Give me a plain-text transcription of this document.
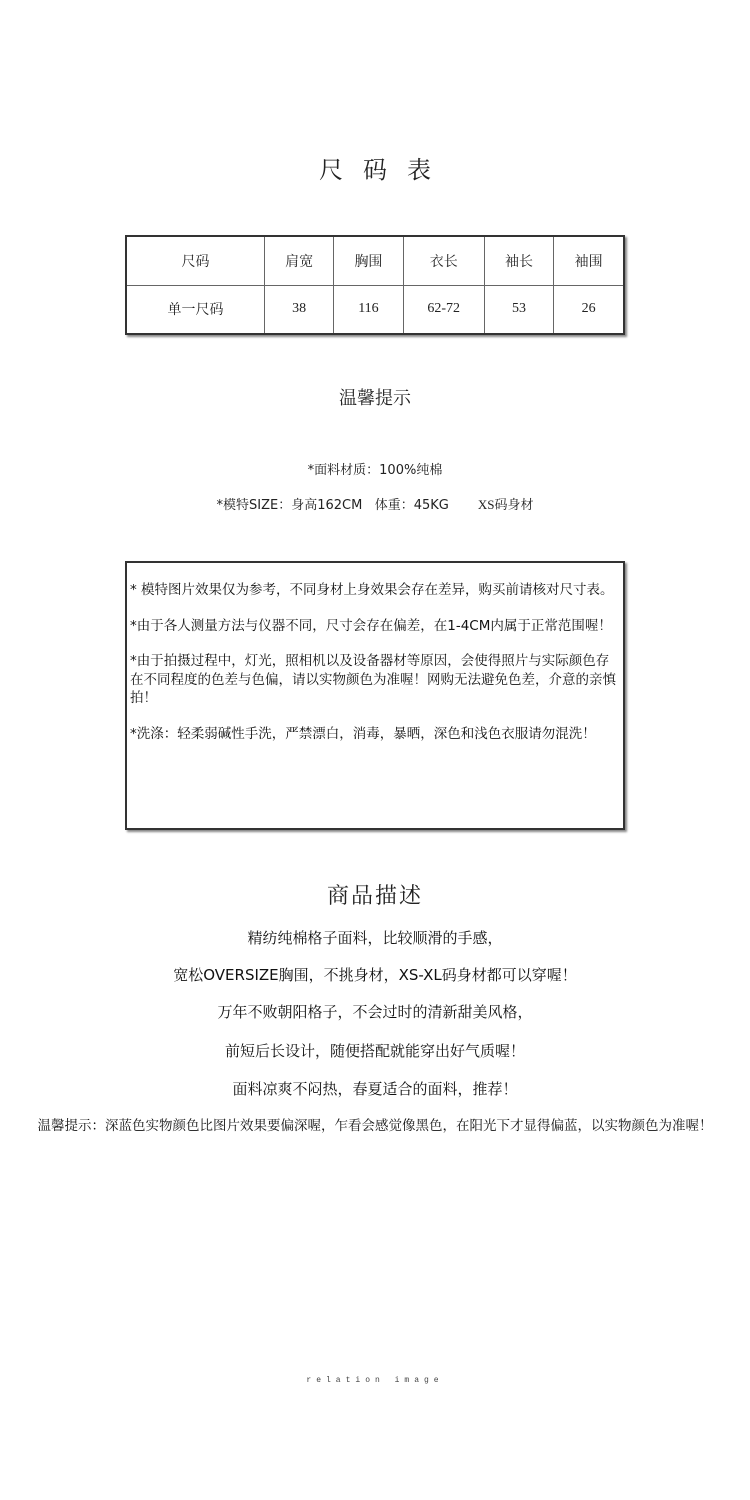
尺码表
尺码	肩宽	胸围	衣长	袖长	袖围
单一尺码	38	116	62-72	53	26
温馨提示
*面料材质：100%纯棉
*模特SIZE：身高162CM   体重：45KG XS码身材

* 模特图片效果仅为参考，不同身材上身效果会存在差异，购买前请核对尺寸表。

*由于各人测量方法与仪器不同，尺寸会存在偏差，在1-4CM内属于正常范围喔！

*由于拍摄过程中，灯光，照相机以及设备器材等原因，会使得照片与实际颜色存在不同程度的色差与色偏，请以实物颜色为准喔！网购无法避免色差，介意的亲慎拍！

*洗涤：轻柔弱碱性手洗，严禁漂白，消毒，暴晒，深色和浅色衣服请勿混洗！

商品描述
精纺纯棉格子面料，比较顺滑的手感，
宽松OVERSIZE胸围，不挑身材，XS-XL码身材都可以穿喔！
万年不败朝阳格子，不会过时的清新甜美风格，
前短后长设计，随便搭配就能穿出好气质喔！
面料凉爽不闷热，春夏适合的面料，推荐！
温馨提示：深蓝色实物颜色比图片效果要偏深喔，乍看会感觉像黑色，在阳光下才显得偏蓝，以实物颜色为准喔！
relation image
